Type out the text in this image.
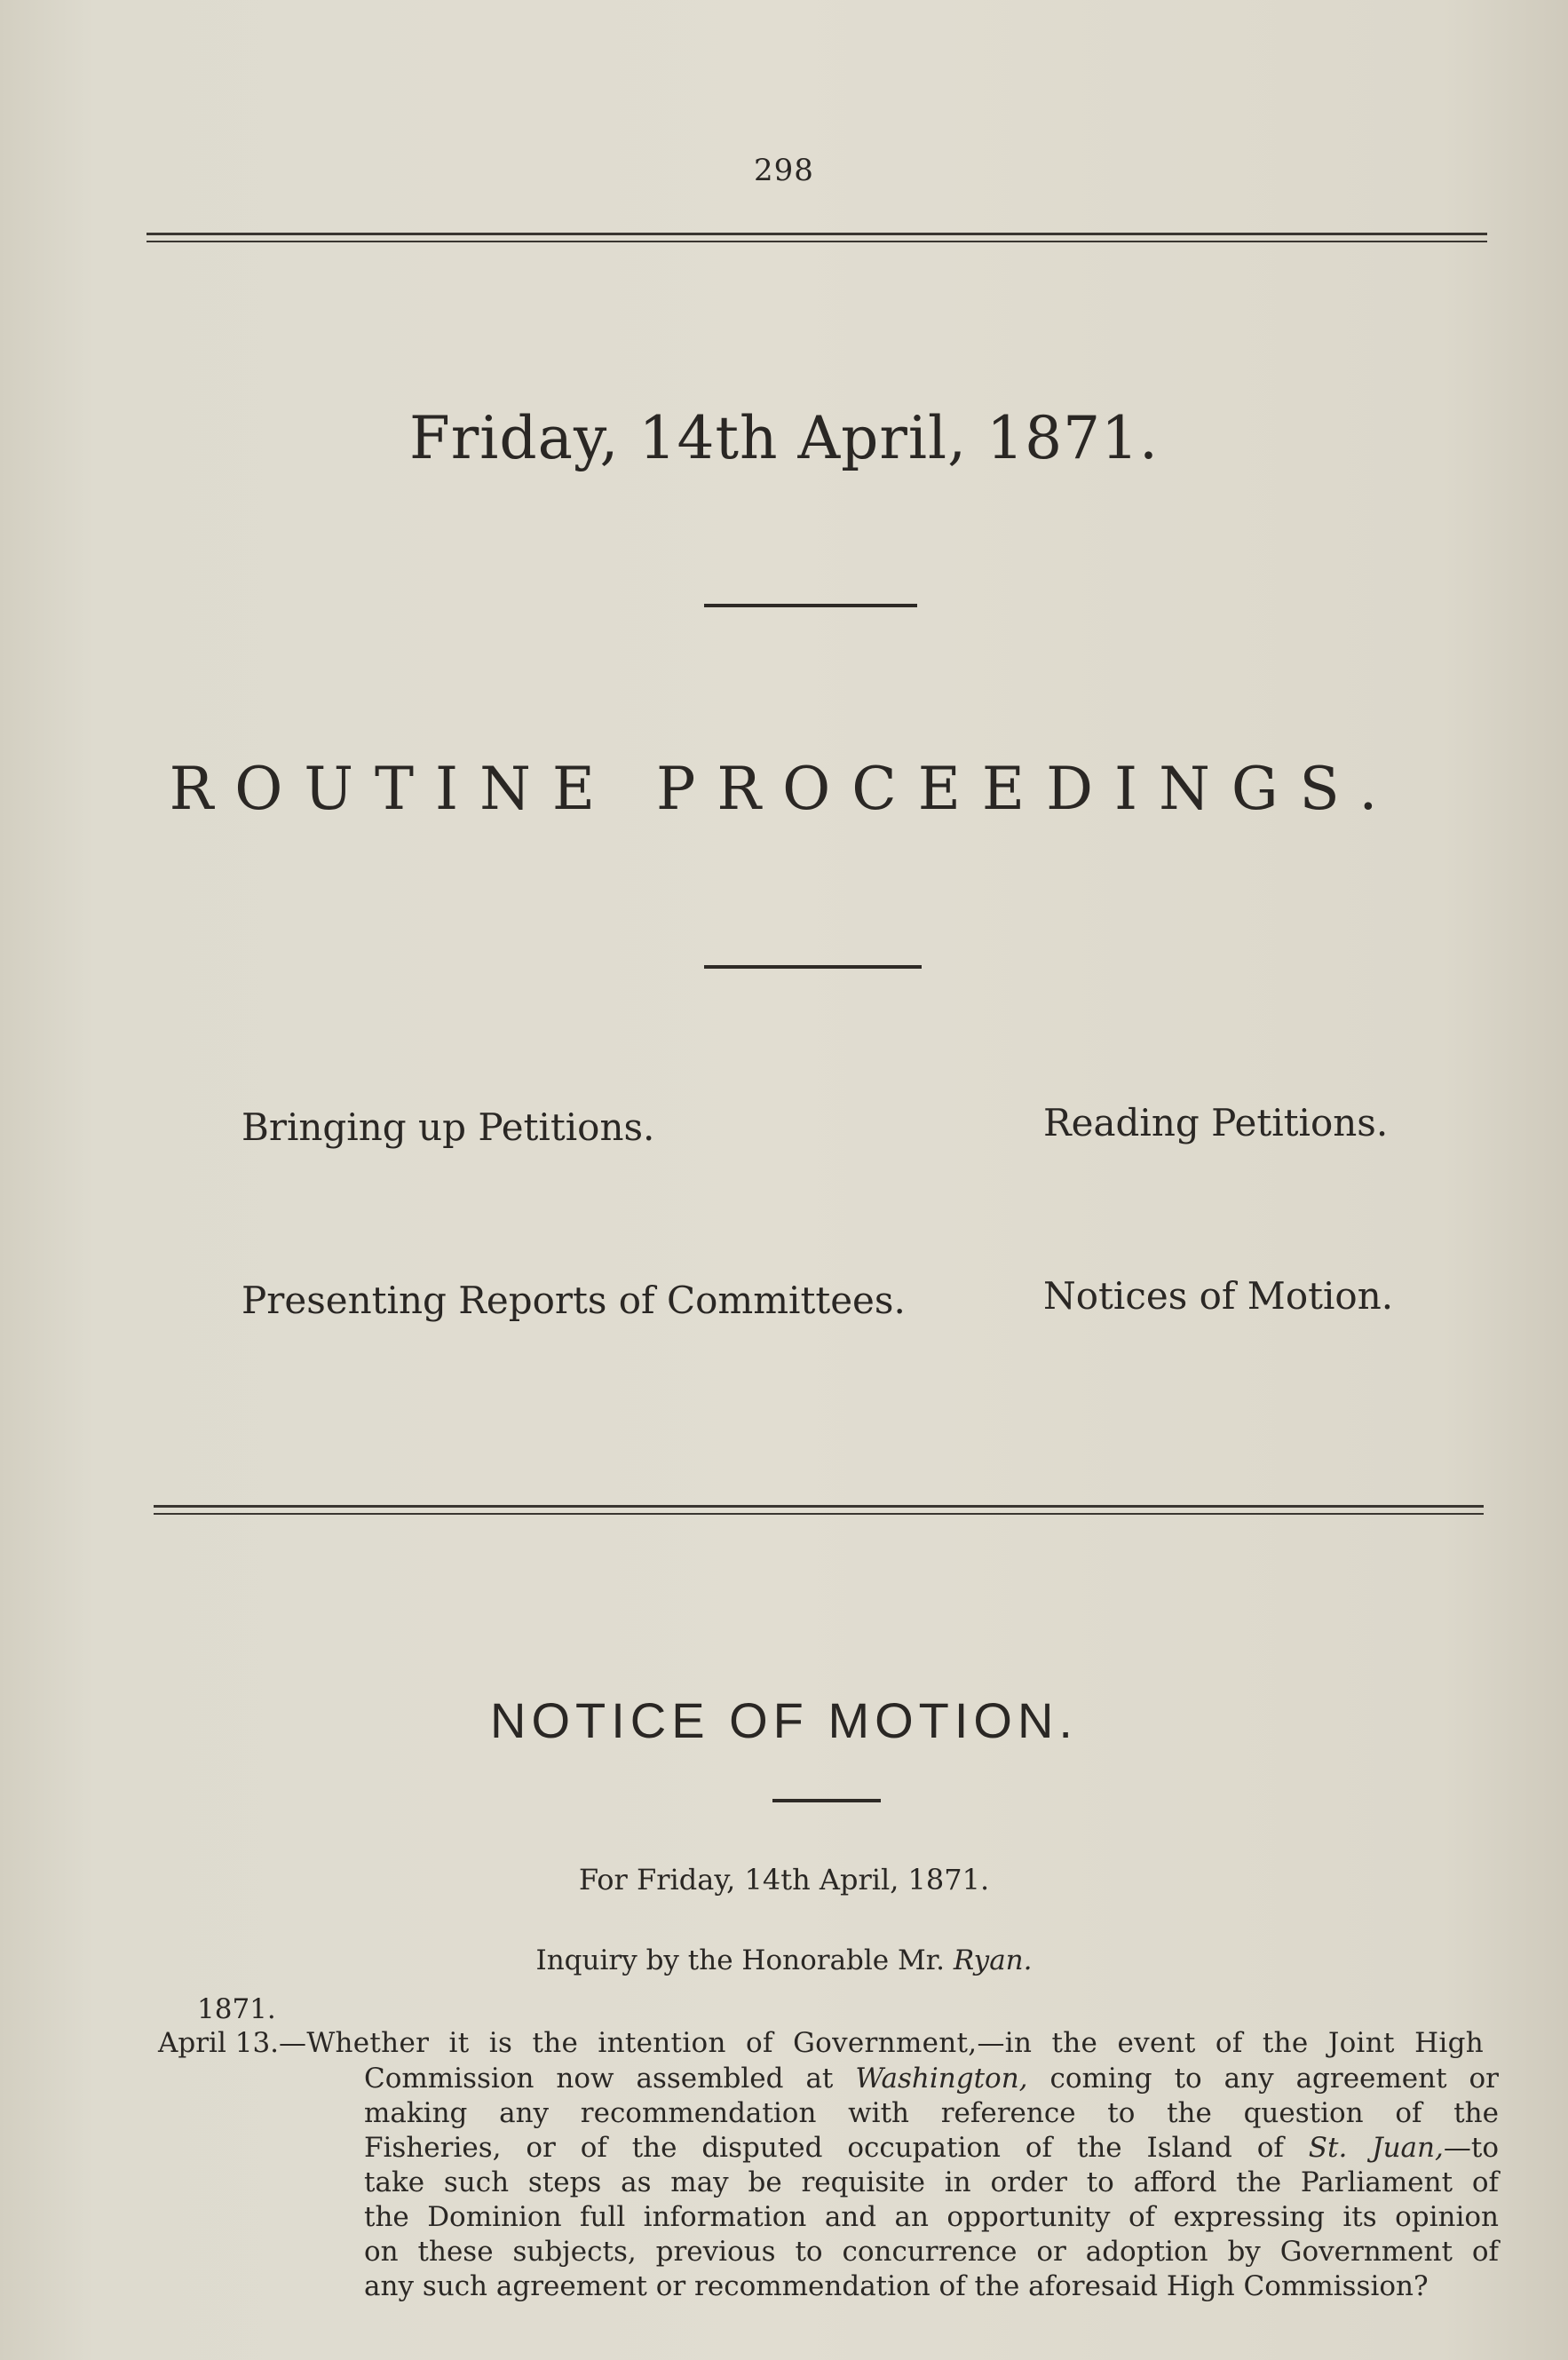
298
Friday, 14th April, 1871.
ROUTINE PROCEEDINGS.
Bringing up Petitions.	Reading Petitions.
Presenting Reports of Committees.	Notices of Motion.
NOTICE OF MOTION.
For Friday, 14th April, 1871.
Inquiry by the Honorable Mr. Ryan.
1871.
April 13.—Whether it is the intention of Government,—in the event of the Joint High
Commission now assembled at Washington, coming to any agreement or
making any recommendation with reference to the question of the
Fisheries, or of the disputed occupation of the Island of St. Juan,—to
take such steps as may be requisite in order to afford the Parliament of
the Dominion full information and an opportunity of expressing its opinion
on these subjects, previous to concurrence or adoption by Government of
any such agreement or recommendation of the aforesaid High Commission?
